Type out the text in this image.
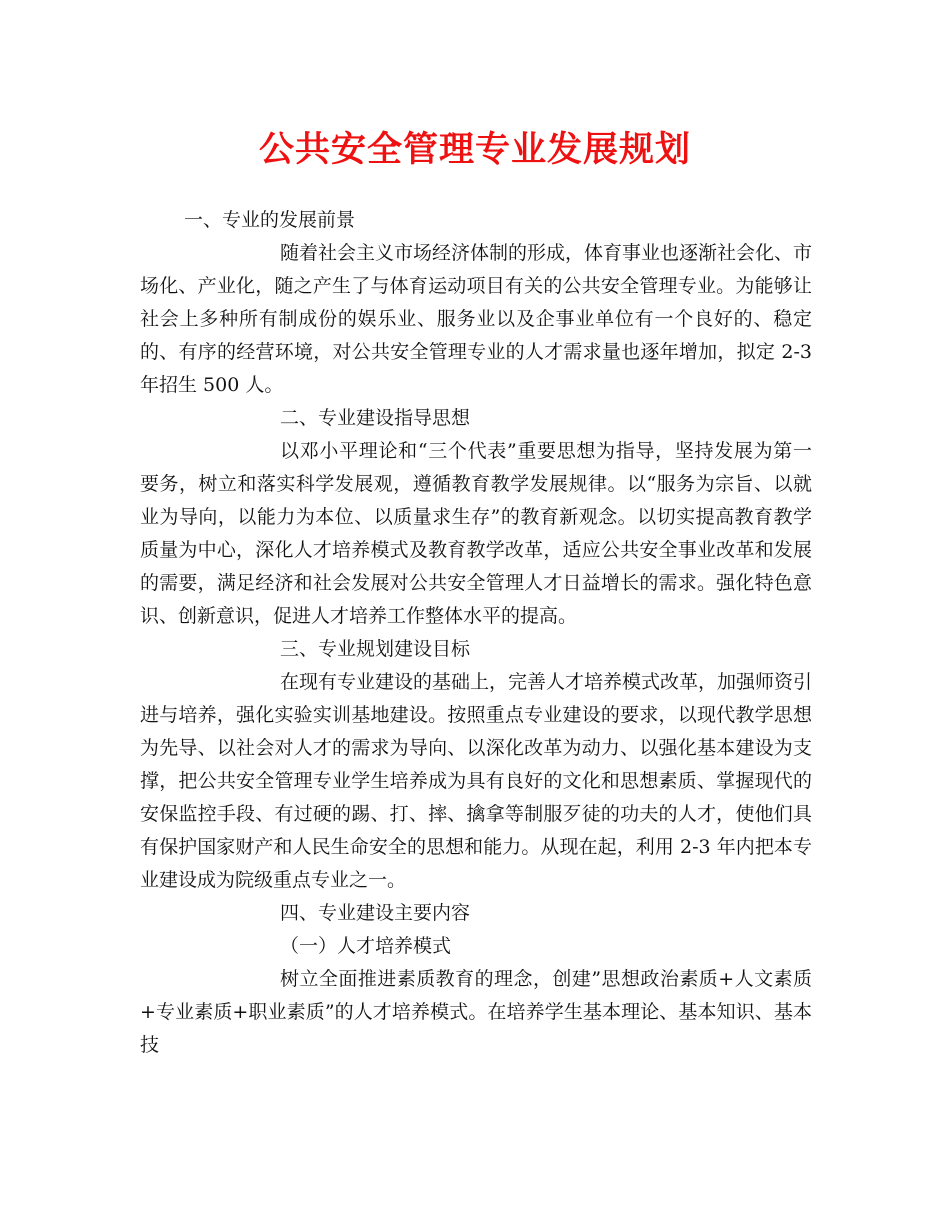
公共安全管理专业发展规划

一、专业的发展前景

随着社会主义市场经济体制的形成，体育事业也逐渐社会化、市场化、产业化，随之产生了与体育运动项目有关的公共安全管理专业。为能够让社会上多种所有制成份的娱乐业、服务业以及企事业单位有一个良好的、稳定的、有序的经营环境，对公共安全管理专业的人才需求量也逐年增加，拟定 2-3 年招生 500 人。

二、专业建设指导思想

以邓小平理论和“三个代表”重要思想为指导，坚持发展为第一要务，树立和落实科学发展观，遵循教育教学发展规律。以“服务为宗旨、以就业为导向，以能力为本位、以质量求生存”的教育新观念。以切实提高教育教学质量为中心，深化人才培养模式及教育教学改革，适应公共安全事业改革和发展的需要，满足经济和社会发展对公共安全管理人才日益增长的需求。强化特色意识、创新意识，促进人才培养工作整体水平的提高。

三、专业规划建设目标

在现有专业建设的基础上，完善人才培养模式改革，加强师资引进与培养，强化实验实训基地建设。按照重点专业建设的要求，以现代教学思想为先导、以社会对人才的需求为导向、以深化改革为动力、以强化基本建设为支撑，把公共安全管理专业学生培养成为具有良好的文化和思想素质、掌握现代的安保监控手段、有过硬的踢、打、摔、擒拿等制服歹徒的功夫的人才，使他们具有保护国家财产和人民生命安全的思想和能力。从现在起，利用 2-3 年内把本专业建设成为院级重点专业之一。

四、专业建设主要内容

（一）人才培养模式

树立全面推进素质教育的理念，创建”思想政治素质+人文素质+专业素质+职业素质”的人才培养模式。在培养学生基本理论、基本知识、基本技
